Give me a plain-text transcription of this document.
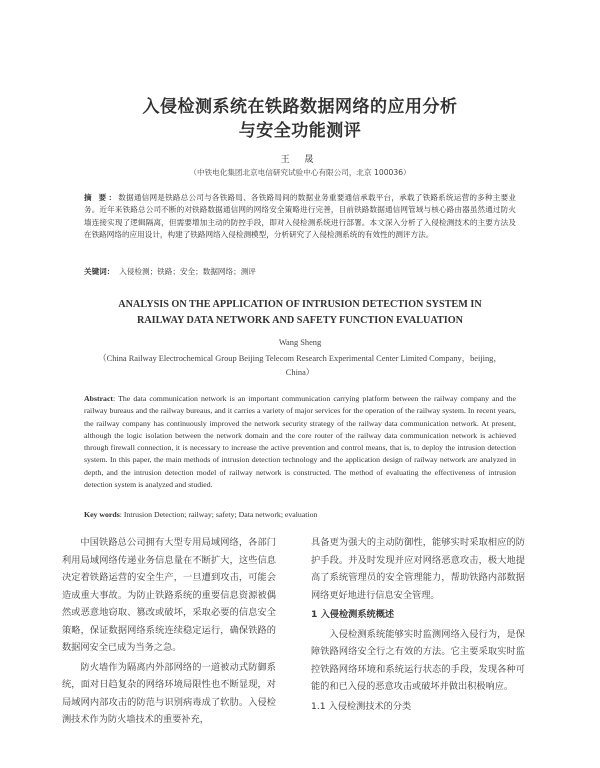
入侵检测系统在铁路数据网络的应用分析
与安全功能测评
王 晟
（中铁电化集团北京电信研究试验中心有限公司，北京 100036）
摘 要：数据通信网是铁路总公司与各铁路局、各铁路局间的数据业务重要通信承载平台，承载了铁路系统运营的多种主要业务。近年来铁路总公司不断的对铁路数据通信网的网络安全策略进行完善，目前铁路数据通信网管域与核心路由器虽然通过防火墙连接实现了逻辑隔离，但需要增加主动的防控手段，即对入侵检测系统进行部署。本文深入分析了入侵检测技术的主要方法及在铁路网络的应用设计，构建了铁路网络入侵检测模型，分析研究了入侵检测系统的有效性的测评方法。
关键词： 入侵检测；铁路；安全；数据网络；测评
ANALYSIS ON THE APPLICATION OF INTRUSION DETECTION SYSTEM IN
RAILWAY DATA NETWORK AND SAFETY FUNCTION EVALUATION
Wang Sheng
（China Railway Electrochemical Group Beijing Telecom Research Experimental Center Limited Company，beijing，
China）
Abstract: The data communication network is an important communication carrying platform between the railway company and the railway bureaus and the railway bureaus, and it carries a variety of major services for the operation of the railway system. In recent years, the railway company has continuously improved the network security strategy of the railway data communication network. At present, although the logic isolation between the network domain and the core router of the railway data communication network is achieved through firewall connection, it is necessary to increase the active prevention and control means, that is, to deploy the intrusion detection system. In this paper, the main methods of intrusion detection technology and the application design of railway network are analyzed in depth, and the intrusion detection model of railway network is constructed. The method of evaluating the effectiveness of intrusion detection system is analyzed and studied.
Key words: Intrusion Detection; railway; safety; Data network; evaluation

中国铁路总公司拥有大型专用局域网络，各部门利用局域网络传递业务信息量在不断扩大，这些信息决定着铁路运营的安全生产，一旦遭到攻击，可能会造成重大事故。为防止铁路系统的重要信息资源被偶然或恶意地窃取、篡改或破坏，采取必要的信息安全策略，保证数据网络系统连续稳定运行，确保铁路的数据网安全已成为当务之急。

防火墙作为隔离内外部网络的一道被动式防御系统，面对日趋复杂的网络环境局限性也不断显现，对局域网内部攻击的防范与识别病毒成了软肋。入侵检测技术作为防火墙技术的重要补充，

具备更为强大的主动防御性，能够实时采取相应的防护手段。并及时发现并应对网络恶意攻击，极大地提高了系统管理员的安全管理能力，帮助铁路内部数据网络更好地进行信息安全管理。

1 入侵检测系统概述

入侵检测系统能够实时监测网络入侵行为，是保障铁路网络安全行之有效的方法。它主要采取实时监控铁路网络环境和系统运行状态的手段，发现各种可能的和已入侵的恶意攻击或破坏并做出积极响应。

1.1 入侵检测技术的分类
